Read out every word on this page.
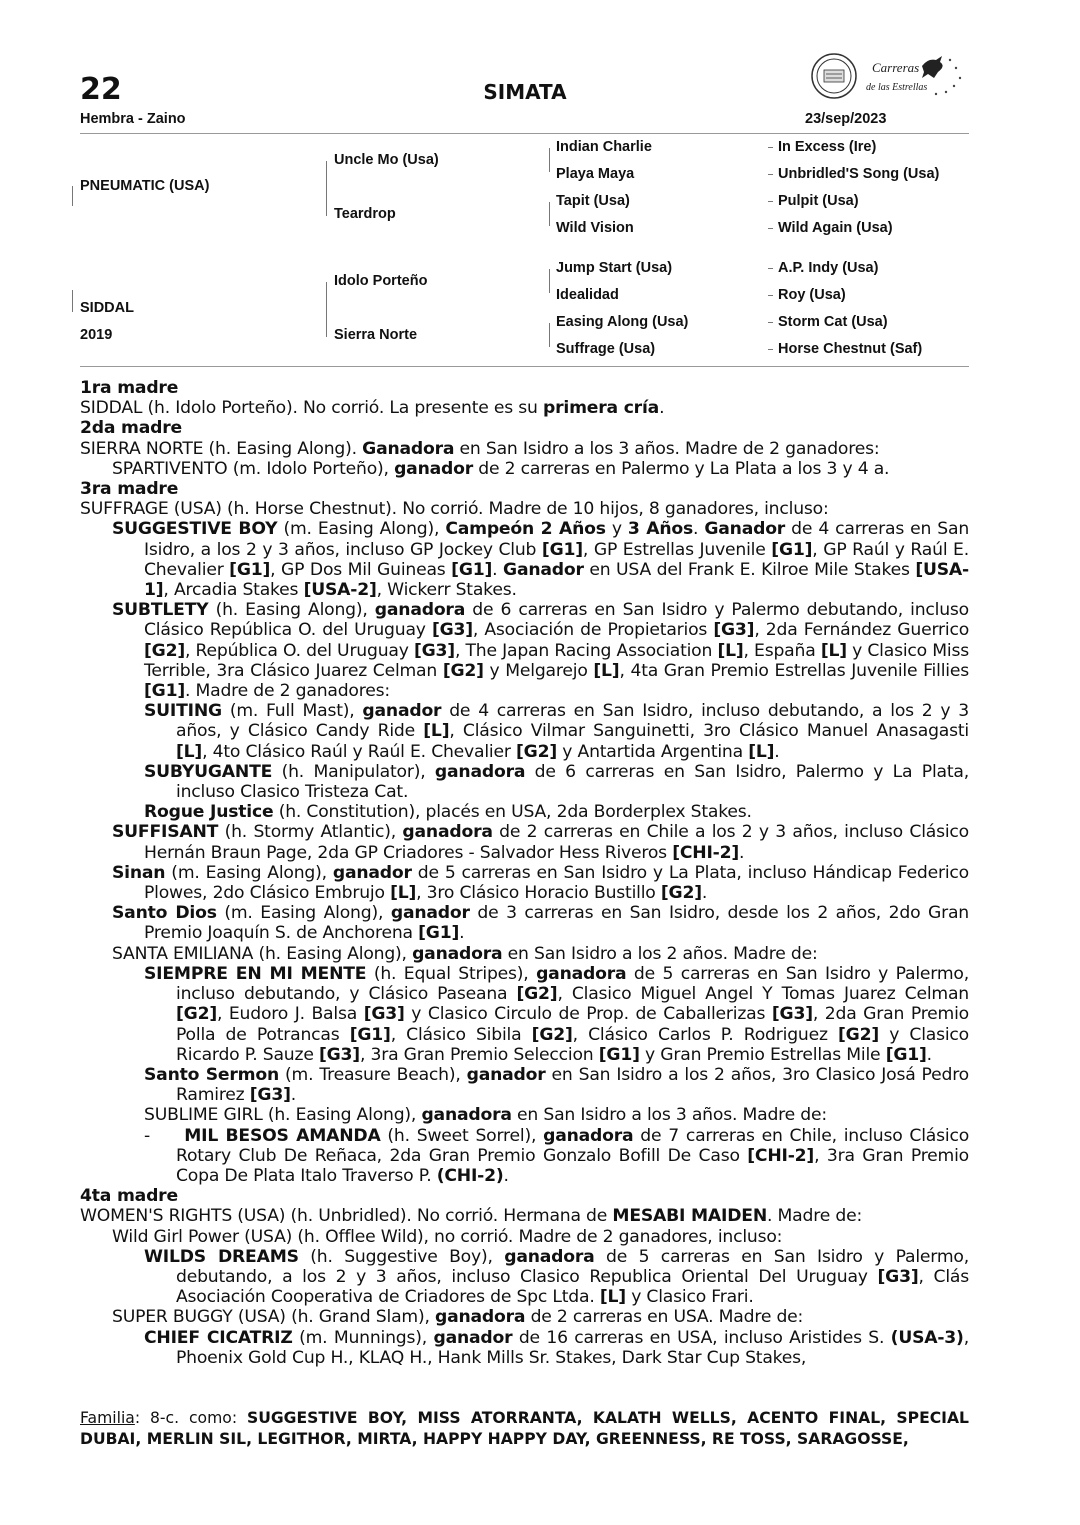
22	SIMATA
Hembra - Zaino	23/sep/2023
Carreras
de las Estrellas
PNEUMATIC (USA)
SIDDAL
2019
Uncle Mo (Usa)
Teardrop
Idolo Porteño
Sierra Norte
Indian Charlie
Playa Maya
Tapit (Usa)
Wild Vision
Jump Start (Usa)
Idealidad
Easing Along (Usa)
Suffrage (Usa)
In Excess (Ire)
Unbridled'S Song (Usa)
Pulpit (Usa)
Wild Again (Usa)
A.P. Indy (Usa)
Roy (Usa)
Storm Cat (Usa)
Horse Chestnut (Saf)

1ra madre

SIDDAL (h. Idolo Porteño). No corrió. La presente es su primera cría.

2da madre

SIERRA NORTE (h. Easing Along). Ganadora en San Isidro a los 3 años. Madre de 2 ganadores:

SPARTIVENTO (m. Idolo Porteño), ganador de 2 carreras en Palermo y La Plata a los 3 y 4 a.

3ra madre

SUFFRAGE (USA) (h. Horse Chestnut). No corrió. Madre de 10 hijos, 8 ganadores, incluso:

SUGGESTIVE BOY (m. Easing Along), Campeón 2 Años y 3 Años. Ganador de 4 carreras en San Isidro, a los 2 y 3 años, incluso GP Jockey Club [G1], GP Estrellas Juvenile [G1], GP Raúl y Raúl E. Chevalier [G1], GP Dos Mil Guineas [G1]. Ganador en USA del Frank E. Kilroe Mile Stakes [USA-1], Arcadia Stakes [USA-2], Wickerr Stakes.

SUBTLETY (h. Easing Along), ganadora de 6 carreras en San Isidro y Palermo debutando, incluso Clásico República O. del Uruguay [G3], Asociación de Propietarios [G3], 2da Fernández Guerrico [G2], República O. del Uruguay [G3], The Japan Racing Association [L], España [L] y Clasico Miss Terrible, 3ra Clásico Juarez Celman [G2] y Melgarejo [L], 4ta Gran Premio Estrellas Juvenile Fillies [G1]. Madre de 2 ganadores:

SUITING (m. Full Mast), ganador de 4 carreras en San Isidro, incluso debutando, a los 2 y 3 años, y Clásico Candy Ride [L], Clásico Vilmar Sanguinetti, 3ro Clásico Manuel Anasagasti [L], 4to Clásico Raúl y Raúl E. Chevalier [G2] y Antartida Argentina [L].

SUBYUGANTE (h. Manipulator), ganadora de 6 carreras en San Isidro, Palermo y La Plata, incluso Clasico Tristeza Cat.

Rogue Justice (h. Constitution), placés en USA, 2da Borderplex Stakes.

SUFFISANT (h. Stormy Atlantic), ganadora de 2 carreras en Chile a los 2 y 3 años, incluso Clásico Hernán Braun Page, 2da GP Criadores - Salvador Hess Riveros [CHI-2].

Sinan (m. Easing Along), ganador de 5 carreras en San Isidro y La Plata, incluso Hándicap Federico Plowes, 2do Clásico Embrujo [L], 3ro Clásico Horacio Bustillo [G2].

Santo Dios (m. Easing Along), ganador de 3 carreras en San Isidro, desde los 2 años, 2do Gran Premio Joaquín S. de Anchorena [G1].

SANTA EMILIANA (h. Easing Along), ganadora en San Isidro a los 2 años. Madre de:

SIEMPRE EN MI MENTE (h. Equal Stripes), ganadora de 5 carreras en San Isidro y Palermo, incluso debutando, y Clásico Paseana [G2], Clasico Miguel Angel Y Tomas Juarez Celman [G2], Eudoro J. Balsa [G3] y Clasico Circulo de Prop. de Caballerizas [G3], 2da Gran Premio Polla de Potrancas [G1], Clásico Sibila [G2], Clásico Carlos P. Rodriguez [G2] y Clasico Ricardo P. Sauze [G3], 3ra Gran Premio Seleccion [G1] y Gran Premio Estrellas Mile [G1].

Santo Sermon (m. Treasure Beach), ganador en San Isidro a los 2 años, 3ro Clasico Josá Pedro Ramirez [G3].

SUBLIME GIRL (h. Easing Along), ganadora en San Isidro a los 3 años. Madre de:

-     MIL BESOS AMANDA (h. Sweet Sorrel), ganadora de 7 carreras en Chile, incluso Clásico Rotary Club De Reñaca, 2da Gran Premio Gonzalo Bofill De Caso [CHI-2], 3ra Gran Premio Copa De Plata Italo Traverso P. (CHI-2).

4ta madre

WOMEN'S RIGHTS (USA) (h. Unbridled). No corrió. Hermana de MESABI MAIDEN. Madre de:

Wild Girl Power (USA) (h. Offlee Wild), no corrió. Madre de 2 ganadores, incluso:

WILDS DREAMS (h. Suggestive Boy), ganadora de 5 carreras en San Isidro y Palermo, debutando, a los 2 y 3 años, incluso Clasico Republica Oriental Del Uruguay [G3], Clás Asociación Cooperativa de Criadores de Spc Ltda. [L] y Clasico Frari.

SUPER BUGGY (USA) (h. Grand Slam), ganadora de 2 carreras en USA. Madre de:

CHIEF CICATRIZ (m. Munnings), ganador de 16 carreras en USA, incluso Aristides S. (USA-3), Phoenix Gold Cup H., KLAQ H., Hank Mills Sr. Stakes, Dark Star Cup Stakes,

Familia: 8-c. como: SUGGESTIVE BOY, MISS ATORRANTA, KALATH WELLS, ACENTO FINAL, SPECIAL DUBAI, MERLIN SIL, LEGITHOR, MIRTA, HAPPY HAPPY DAY, GREENNESS, RE TOSS, SARAGOSSE,
